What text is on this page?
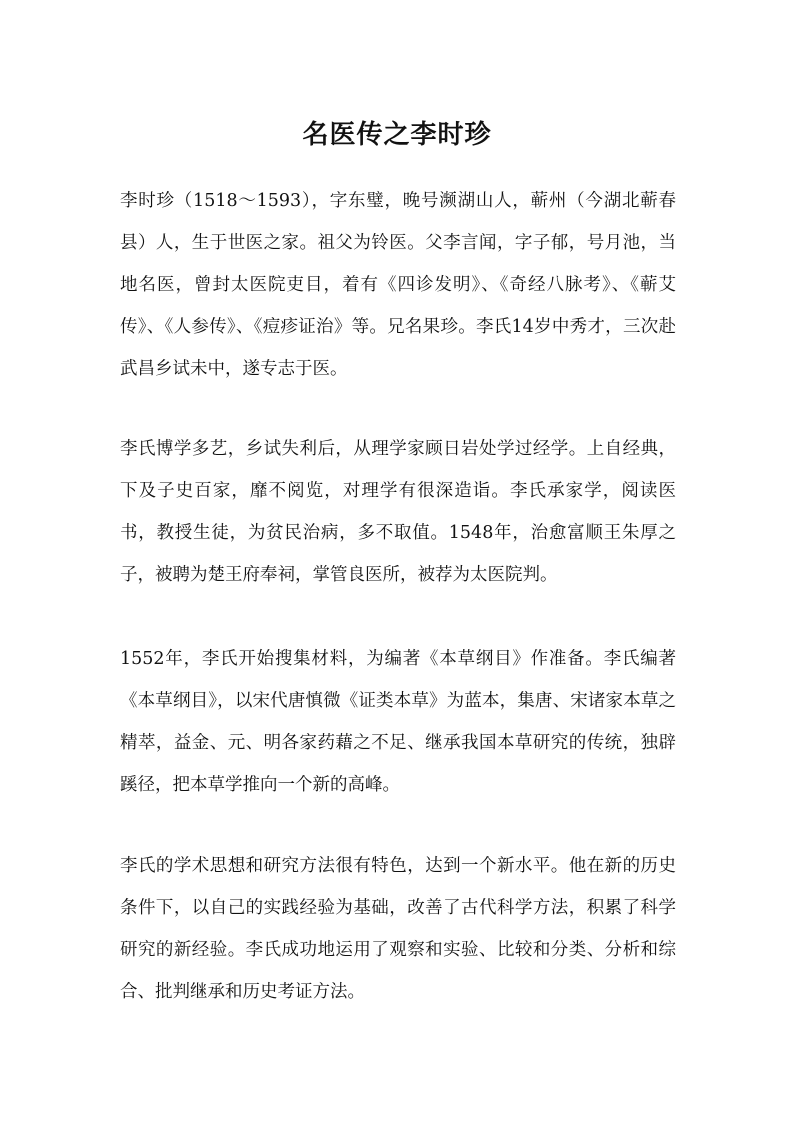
名医传之李时珍

李时珍（1518～1593），字东璧，晚号濒湖山人，蕲州（今湖北蕲春县）人，生于世医之家。祖父为铃医。父李言闻，字子郁，号月池，当地名医，曾封太医院吏目，着有《四诊发明》、《奇经八脉考》、《蕲艾传》、《人参传》、《痘疹证治》等。兄名果珍。李氏14岁中秀才，三次赴武昌乡试未中，遂专志于医。

李氏博学多艺，乡试失利后，从理学家顾日岩处学过经学。上自经典，下及子史百家，靡不阅览，对理学有很深造诣。李氏承家学，阅读医书，教授生徒，为贫民治病，多不取值。1548年，治愈富顺王朱厚之子，被聘为楚王府奉祠，掌管良医所，被荐为太医院判。

1552年，李氏开始搜集材料，为编著《本草纲目》作准备。李氏编著《本草纲目》，以宋代唐慎微《证类本草》为蓝本，集唐、宋诸家本草之精萃，益金、元、明各家药藉之不足、继承我国本草研究的传统，独辟蹊径，把本草学推向一个新的高峰。

李氏的学术思想和研究方法很有特色，达到一个新水平。他在新的历史条件下，以自己的实践经验为基础，改善了古代科学方法，积累了科学研究的新经验。李氏成功地运用了观察和实验、比较和分类、分析和综合、批判继承和历史考证方法。
